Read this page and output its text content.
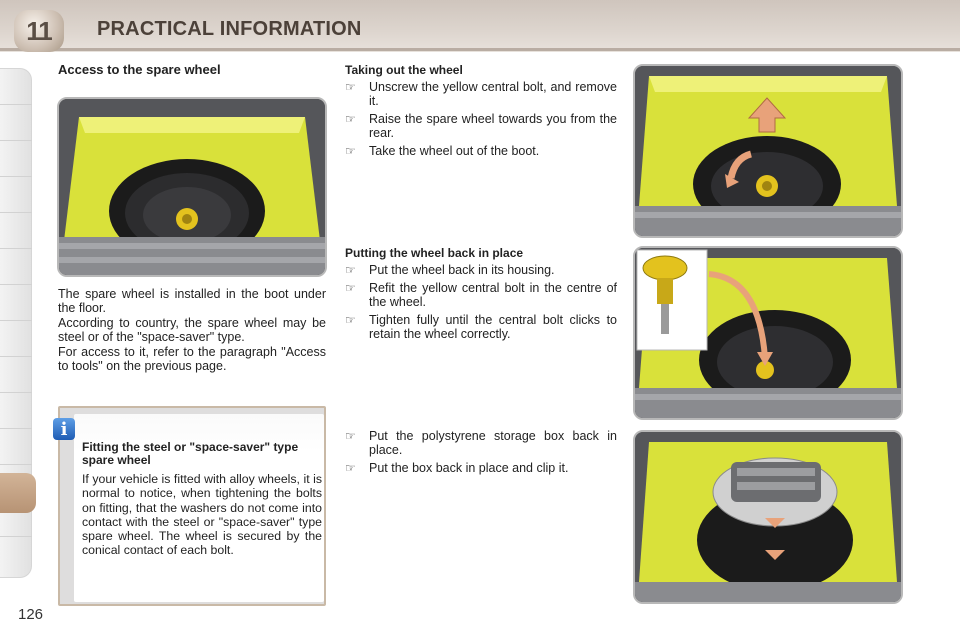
11 PRACTICAL INFORMATION
Access to the spare wheel

The spare wheel is installed in the boot under the floor.

According to country, the spare wheel may be steel or of the "space-saver" type.

For access to it, refer to the paragraph "Access to tools" on the previous page.

i
Fitting the steel or "space-saver" type spare wheel
If your vehicle is fitted with alloy wheels, it is normal to notice, when tightening the bolts on fitting, that the washers do not come into contact with the steel or "space-saver" type spare wheel. The wheel is secured by the conical contact of each bolt.
Taking out the wheel
☞ Unscrew the yellow central bolt, and remove it.
☞ Raise the spare wheel towards you from the rear.
☞ Take the wheel out of the boot.
Putting the wheel back in place
☞ Put the wheel back in its housing.
☞ Refit the yellow central bolt in the centre of the wheel.
☞ Tighten fully until the central bolt clicks to retain the wheel correctly.
☞ Put the polystyrene storage box back in place.
☞ Put the box back in place and clip it.
126
